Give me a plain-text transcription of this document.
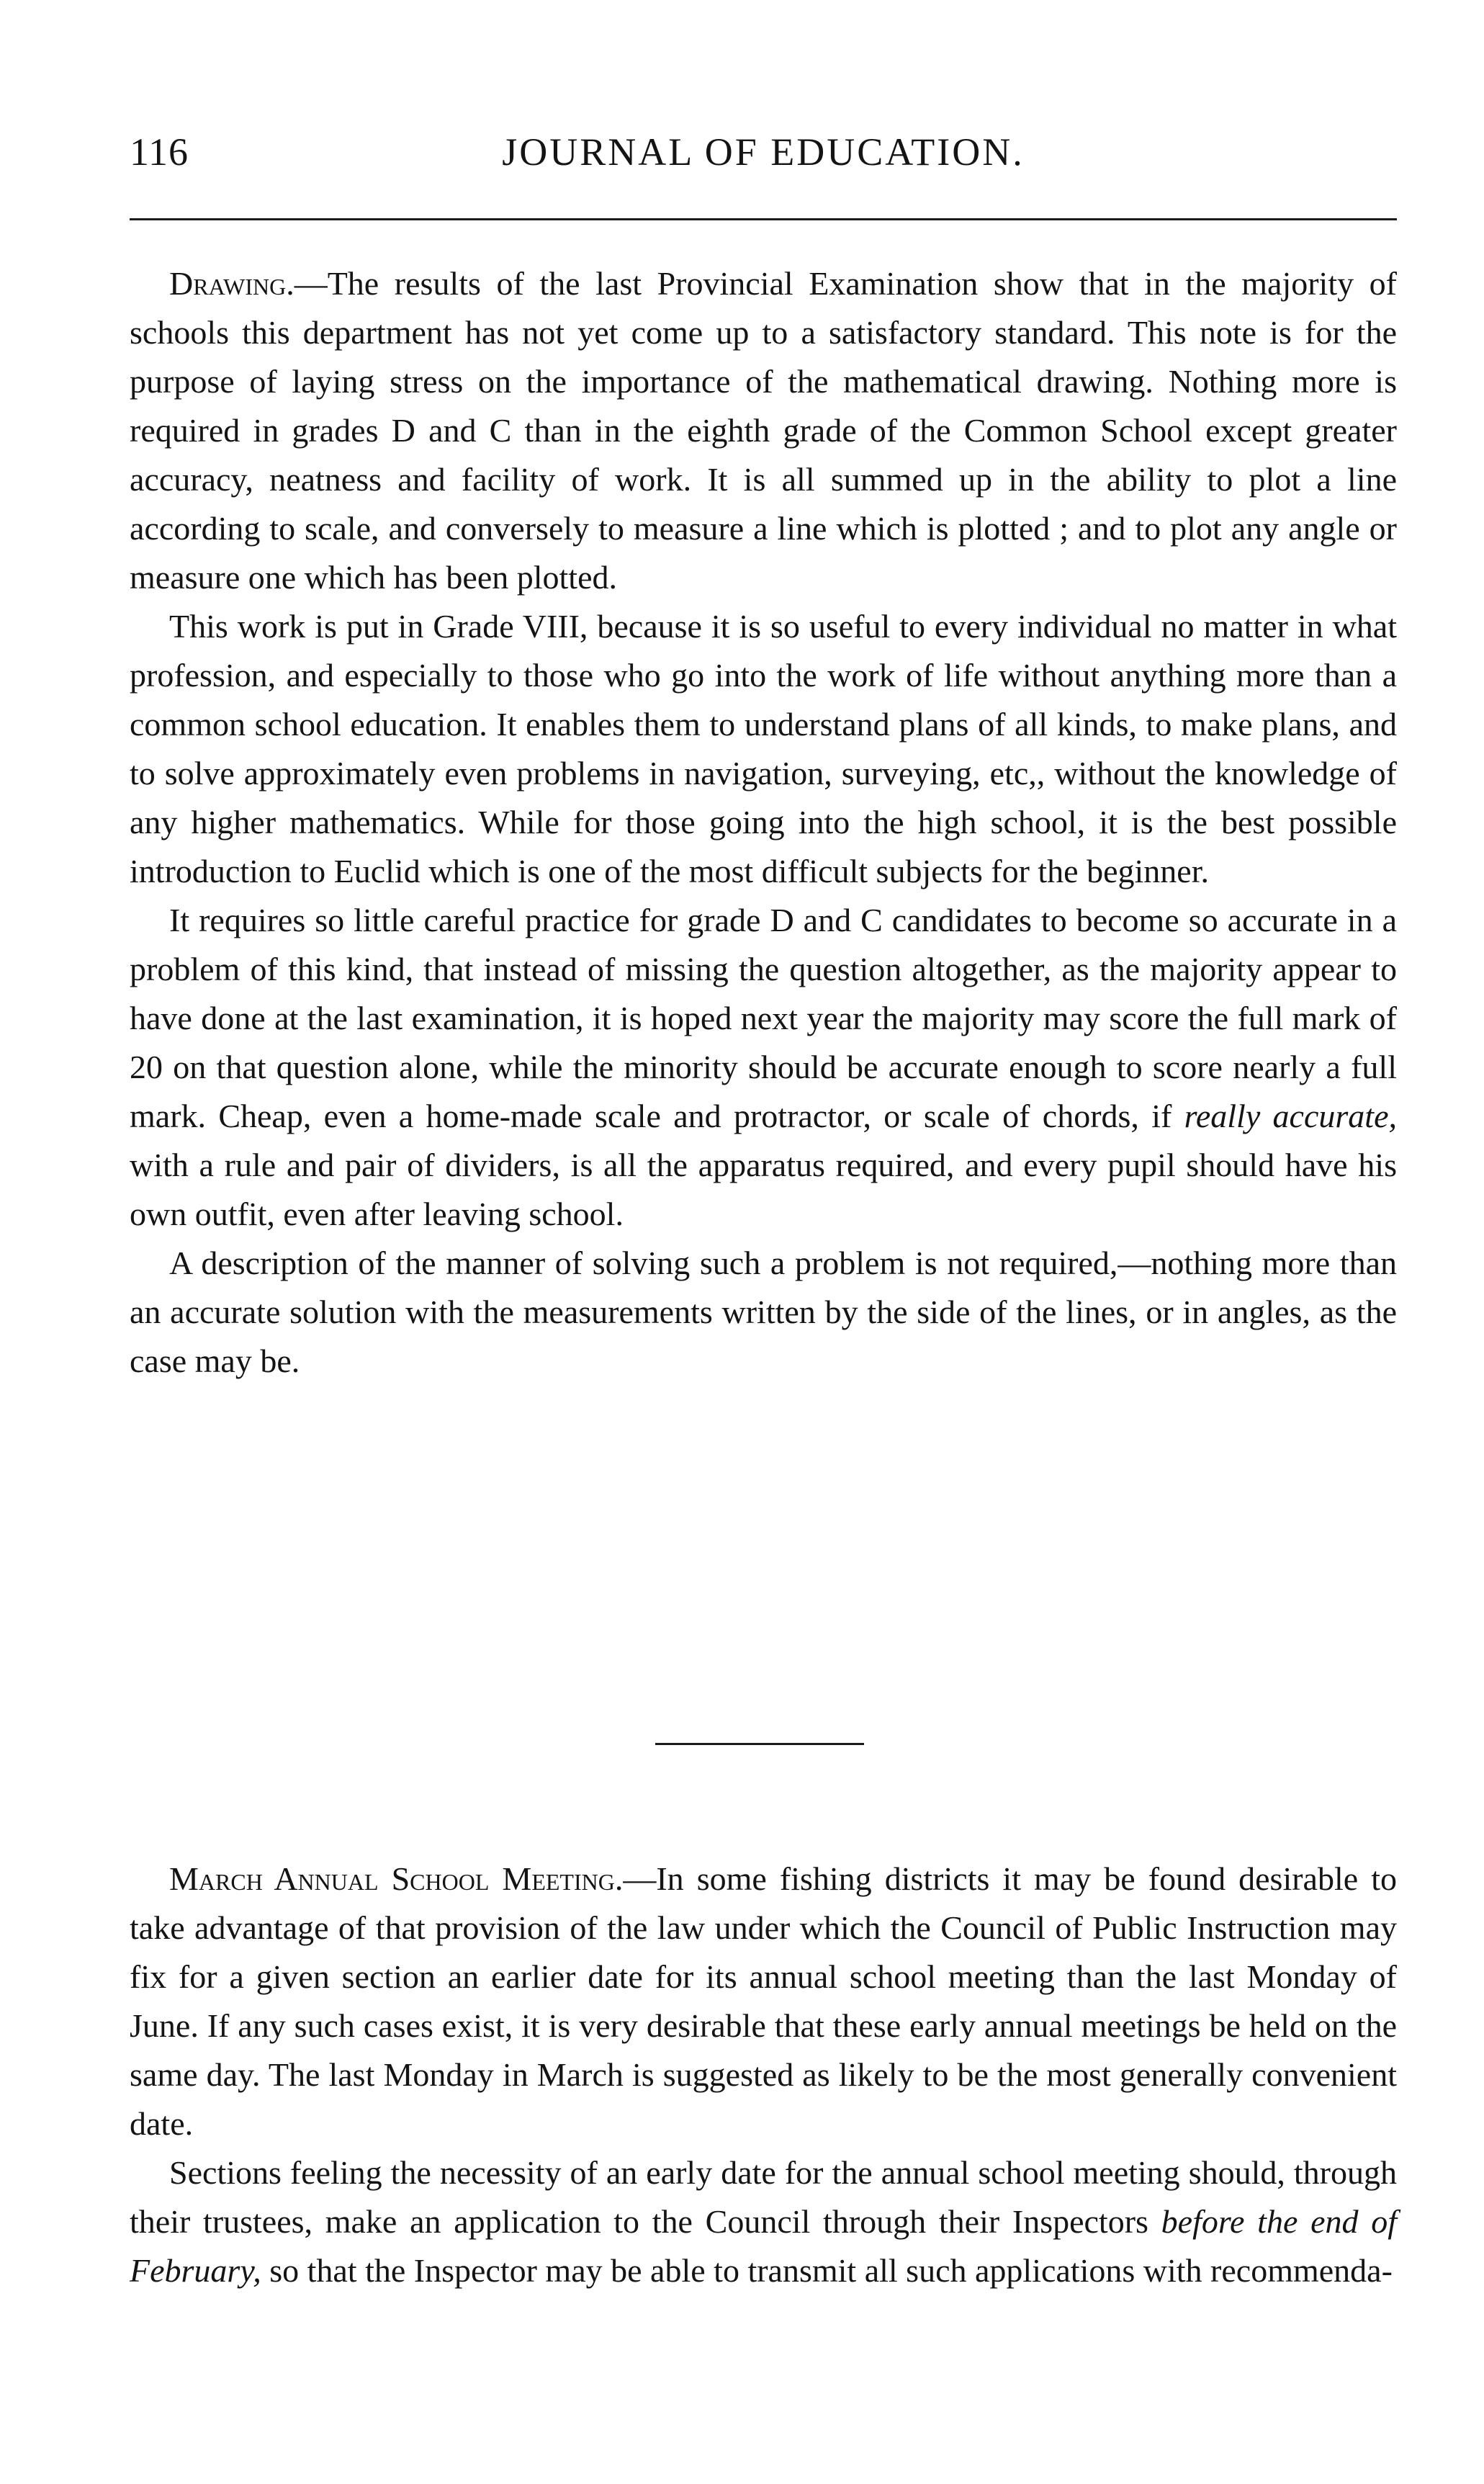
JOURNAL OF EDUCATION.
116

Drawing.—The results of the last Provincial Examination show that in the majority of schools this department has not yet come up to a satisfactory standard. This note is for the purpose of laying stress on the importance of the mathematical drawing. Nothing more is required in grades D and C than in the eighth grade of the Common School except greater accuracy, neatness and facility of work. It is all summed up in the ability to plot a line according to scale, and conversely to measure a line which is plotted ; and to plot any angle or measure one which has been plotted.

This work is put in Grade VIII, because it is so useful to every individual no matter in what profession, and especially to those who go into the work of life without anything more than a common school education. It enables them to understand plans of all kinds, to make plans, and to solve approximately even problems in navigation, surveying, etc,, without the knowledge of any higher mathematics. While for those going into the high school, it is the best possible introduction to Euclid which is one of the most difficult subjects for the beginner.

It requires so little careful practice for grade D and C candidates to become so accurate in a problem of this kind, that instead of missing the question altogether, as the majority appear to have done at the last examination, it is hoped next year the majority may score the full mark of 20 on that question alone, while the minority should be accurate enough to score nearly a full mark. Cheap, even a home-made scale and protractor, or scale of chords, if really accurate, with a rule and pair of dividers, is all the apparatus required, and every pupil should have his own outfit, even after leaving school.

A description of the manner of solving such a problem is not required,—nothing more than an accurate solution with the measurements written by the side of the lines, or in angles, as the case may be.

March Annual School Meeting.—In some fishing districts it may be found desirable to take advantage of that provision of the law under which the Council of Public Instruction may fix for a given section an earlier date for its annual school meeting than the last Monday of June. If any such cases exist, it is very desirable that these early annual meetings be held on the same day. The last Monday in March is suggested as likely to be the most generally convenient date.

Sections feeling the necessity of an early date for the annual school meeting should, through their trustees, make an application to the Council through their Inspectors before the end of February, so that the Inspector may be able to transmit all such applications with recommenda-
